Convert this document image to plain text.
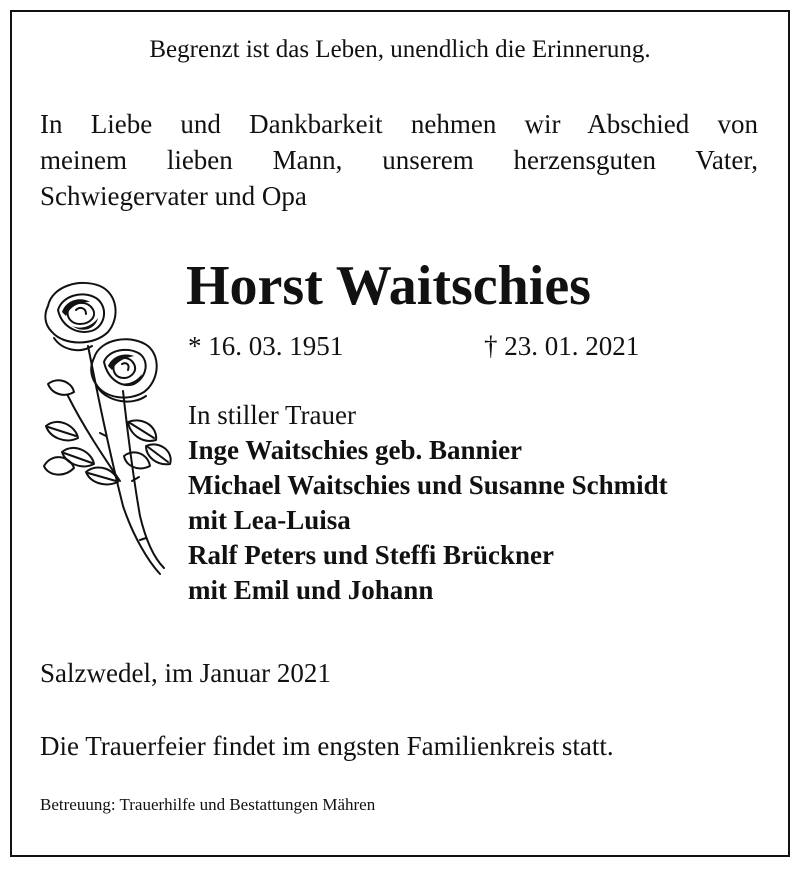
Begrenzt ist das Leben, unendlich die Erinnerung.
In Liebe und Dankbarkeit nehmen wir Abschied von
meinem lieben Mann, unserem herzensguten Vater,
Schwiegervater und Opa
Horst Waitschies
* 16. 03. 1951	† 23. 01. 2021
In stiller Trauer
Inge Waitschies geb. Bannier
Michael Waitschies und Susanne Schmidt
mit Lea-Luisa
Ralf Peters und Steffi Brückner
mit Emil und Johann
Salzwedel, im Januar 2021
Die Trauerfeier findet im engsten Familienkreis statt.
Betreuung: Trauerhilfe und Bestattungen Mähren
